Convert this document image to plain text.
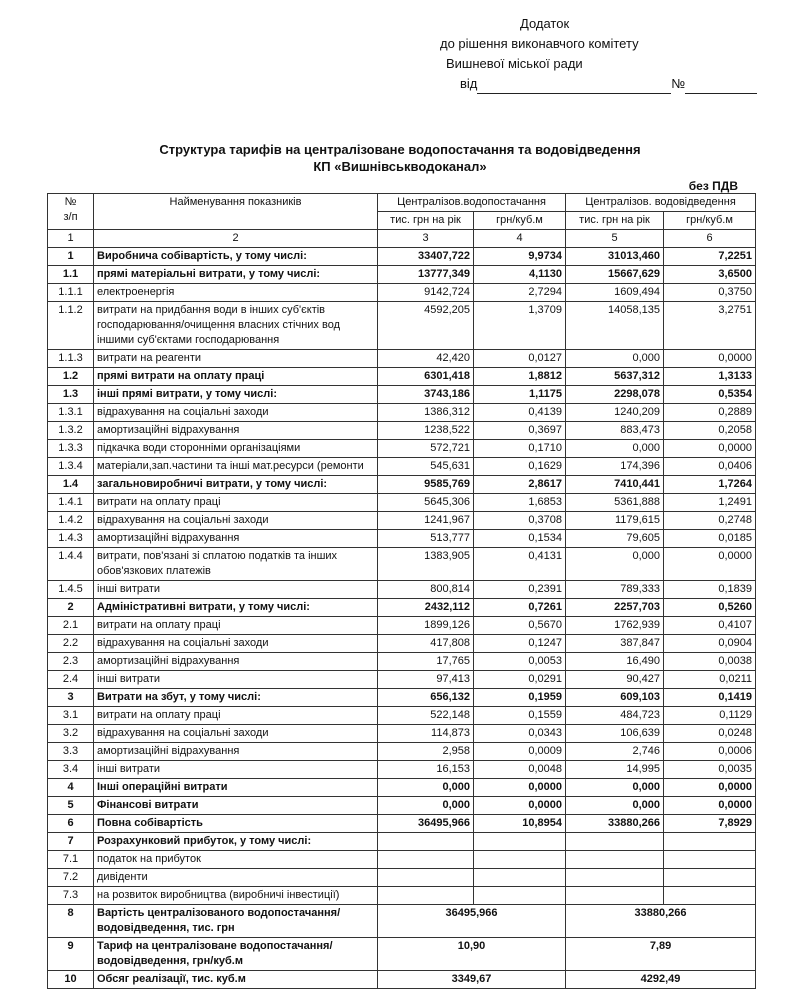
Додаток
до рішення виконавчого комітету
Вишневої міської ради
від	№
Структура тарифів на централізоване водопостачання та водовідведення
КП «Вишнівськводоканал»
без ПДВ
№
з/п	Найменування показників	Централізов.водопостачання		Централізов. водовідведення	
		тис. грн на рік	грн/куб.м	тис. грн на рік	грн/куб.м
1	2	3	4	5	6
1	Виробнича собівартість, у тому числі:	33407,722	9,9734	31013,460	7,2251
1.1	прямі матеріальні витрати, у тому числі:	13777,349	4,1130	15667,629	3,6500
1.1.1	електроенергія	9142,724	2,7294	1609,494	0,3750
1.1.2	витрати на придбання води в інших суб'єктів господарювання/очищення власних стічних вод іншими суб'єктами господарювання	4592,205	1,3709	14058,135	3,2751
1.1.3	витрати на реагенти	42,420	0,0127	0,000	0,0000
1.2	прямі витрати на оплату праці	6301,418	1,8812	5637,312	1,3133
1.3	інші прямі витрати, у тому числі:	3743,186	1,1175	2298,078	0,5354
1.3.1	відрахування на соціальні заходи	1386,312	0,4139	1240,209	0,2889
1.3.2	амортизаційні відрахування	1238,522	0,3697	883,473	0,2058
1.3.3	підкачка води сторонніми організаціями	572,721	0,1710	0,000	0,0000
1.3.4	матеріали,зап.частини та інші мат.ресурси (ремонти	545,631	0,1629	174,396	0,0406
1.4	загальновиробничі витрати, у тому числі:	9585,769	2,8617	7410,441	1,7264
1.4.1	витрати на оплату праці	5645,306	1,6853	5361,888	1,2491
1.4.2	відрахування на соціальні заходи	1241,967	0,3708	1179,615	0,2748
1.4.3	амортизаційні відрахування	513,777	0,1534	79,605	0,0185
1.4.4	витрати, пов'язані зі сплатою податків та інших обов'язкових платежів	1383,905	0,4131	0,000	0,0000
1.4.5	інші витрати	800,814	0,2391	789,333	0,1839
2	Адміністративні витрати, у тому числі:	2432,112	0,7261	2257,703	0,5260
2.1	витрати на оплату праці	1899,126	0,5670	1762,939	0,4107
2.2	відрахування на соціальні заходи	417,808	0,1247	387,847	0,0904
2.3	амортизаційні відрахування	17,765	0,0053	16,490	0,0038
2.4	інші витрати	97,413	0,0291	90,427	0,0211
3	Витрати на збут, у тому числі:	656,132	0,1959	609,103	0,1419
3.1	витрати на оплату праці	522,148	0,1559	484,723	0,1129
3.2	відрахування на соціальні заходи	114,873	0,0343	106,639	0,0248
3.3	амортизаційні відрахування	2,958	0,0009	2,746	0,0006
3.4	інші витрати	16,153	0,0048	14,995	0,0035
4	Інші операційні витрати	0,000	0,0000	0,000	0,0000
5	Фінансові витрати	0,000	0,0000	0,000	0,0000
6	Повна собівартість	36495,966	10,8954	33880,266	7,8929
7	Розрахунковий прибуток, у тому числі:				
7.1	податок на прибуток				
7.2	дивіденти				
7.3	на розвиток виробництва (виробничі інвестиції)				
8	Вартість централізованого водопостачання/водовідведення, тис. грн	36495,966		33880,266	
9	Тариф на централізоване водопостачання/водовідведення, грн/куб.м	10,90		7,89	
10	Обсяг реалізації, тис. куб.м	3349,67		4292,49	
